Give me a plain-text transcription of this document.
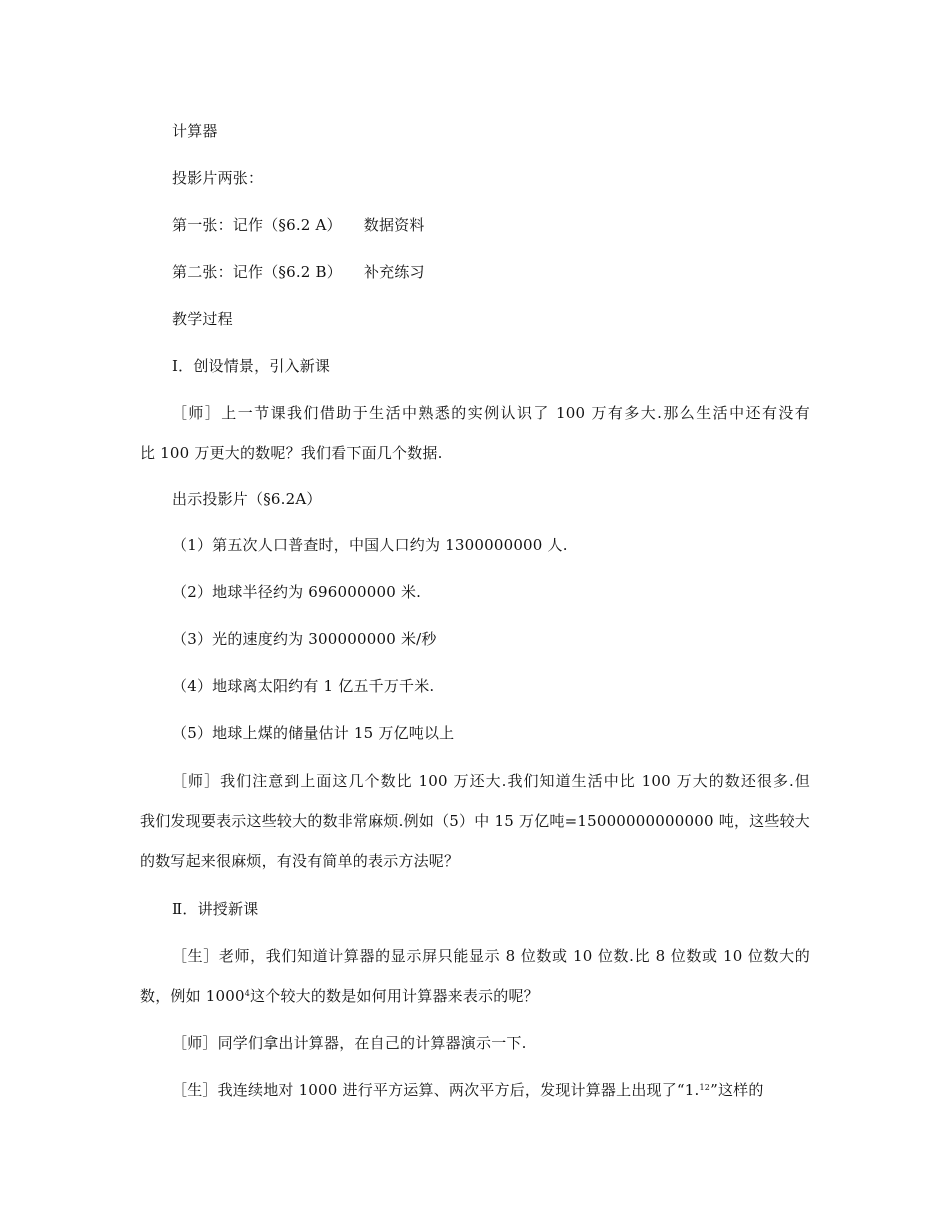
计算器
投影片两张：
第一张：记作（§6.2 A） 数据资料
第二张：记作（§6.2 B） 补充练习
教学过程
Ⅰ．创设情景，引入新课
［师］上一节课我们借助于生活中熟悉的实例认识了 100 万有多大.那么生活中还有没有
比 100 万更大的数呢？我们看下面几个数据.
出示投影片（§6.2A）
（1）第五次人口普查时，中国人口约为 1300000000 人.
（2）地球半径约为 696000000 米.
（3）光的速度约为 300000000 米/秒
（4）地球离太阳约有 1 亿五千万千米.
（5）地球上煤的储量估计 15 万亿吨以上
［师］我们注意到上面这几个数比 100 万还大.我们知道生活中比 100 万大的数还很多.但
我们发现要表示这些较大的数非常麻烦.例如（5）中 15 万亿吨=15000000000000 吨，这些较大
的数写起来很麻烦，有没有简单的表示方法呢？
Ⅱ．讲授新课
［生］老师，我们知道计算器的显示屏只能显示 8 位数或 10 位数.比 8 位数或 10 位数大的
数，例如 1000$^4$这个较大的数是如何用计算器来表示的呢？
［师］同学们拿出计算器，在自己的计算器演示一下.
［生］我连续地对 1000 进行平方运算、两次平方后，发现计算器上出现了“1.12”这样的
